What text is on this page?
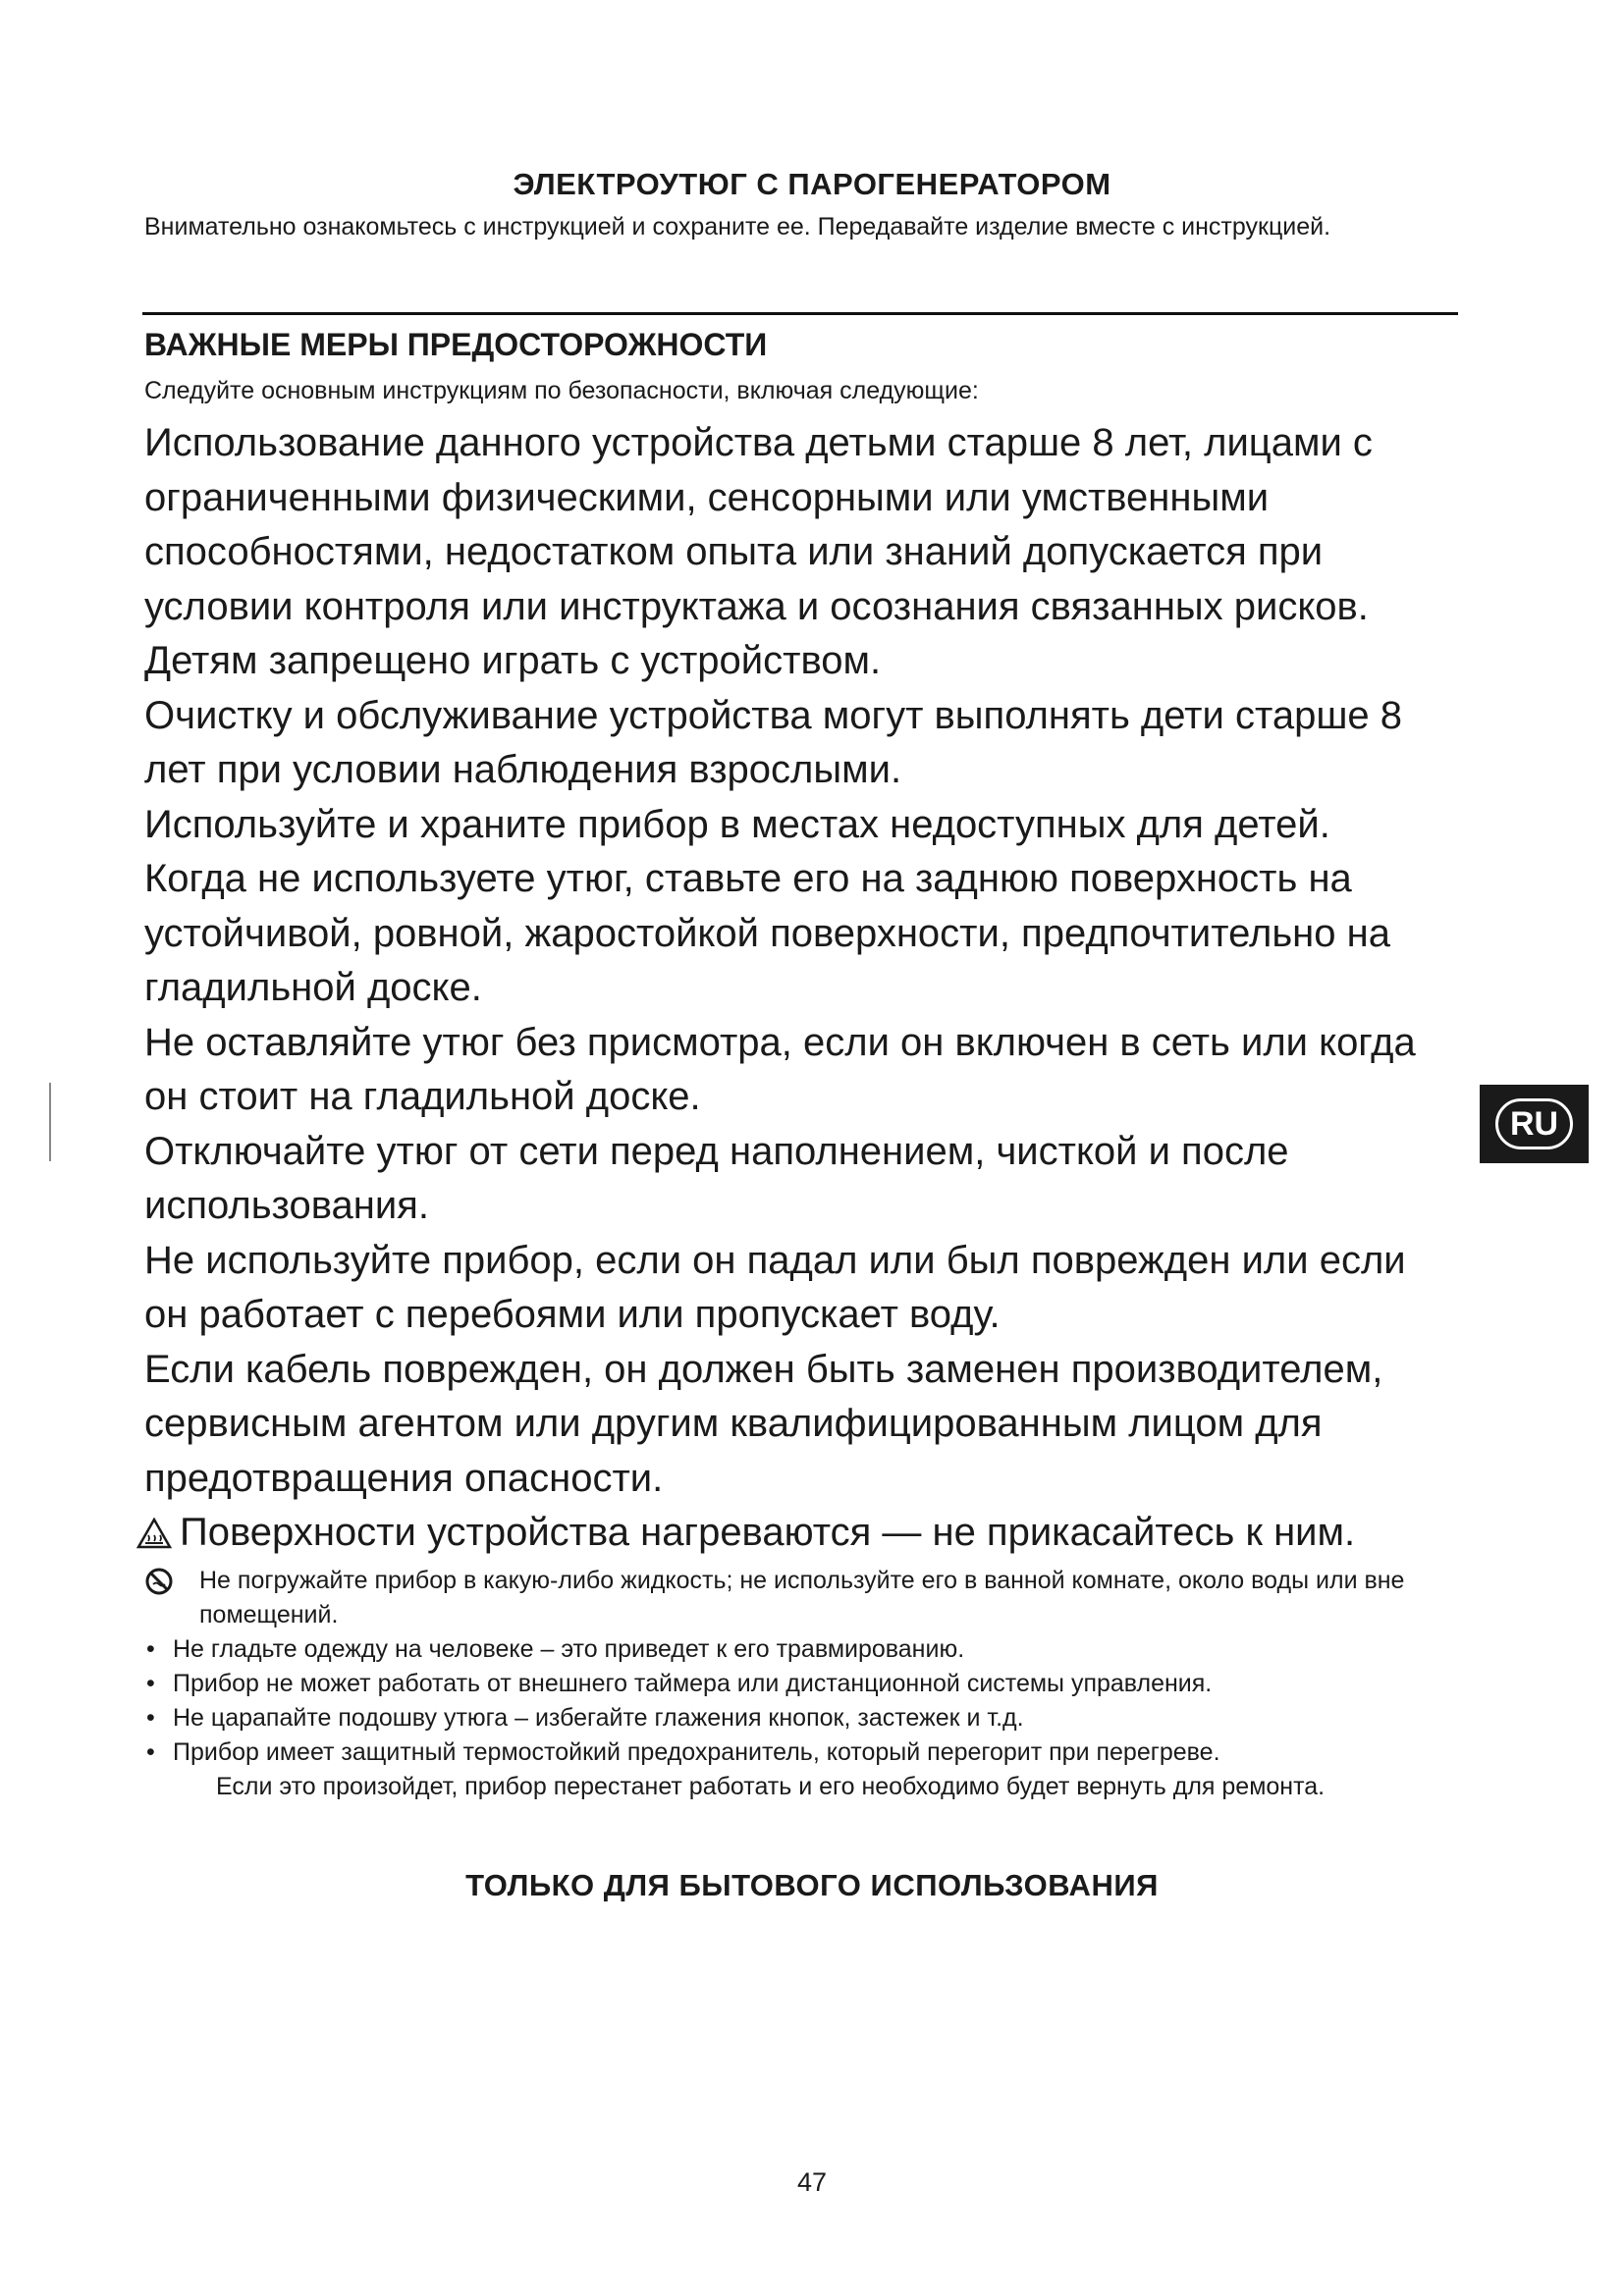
ЭЛЕКТРОУТЮГ С ПАРОГЕНЕРАТОРОМ
Внимательно ознакомьтесь с инструкцией и сохраните ее. Передавайте изделие вместе с инструкцией.
ВАЖНЫЕ МЕРЫ ПРЕДОСТОРОЖНОСТИ
Следуйте основным инструкциям по безопасности, включая следующие:

Использование данного устройства детьми старше 8 лет, лицами с ограниченными физическими, сенсорными или умственными способностями, недостатком опыта или знаний допускается при условии контроля или инструктажа и осознания связанных рисков.

Детям запрещено играть с устройством.

Очистку и обслуживание устройства могут выполнять дети старше 8 лет при условии наблюдения взрослыми.

Используйте и храните прибор в местах недоступных для детей.

Когда не используете утюг, ставьте его на заднюю поверхность на устойчивой, ровной, жаростойкой поверхности, предпочтительно на гладильной доске.

Не оставляйте утюг без присмотра, если он включен в сеть или когда он стоит на гладильной доске.

Отключайте утюг от сети перед наполнением, чисткой и после использования.

Не используйте прибор, если он падал или был поврежден или если он работает с перебоями или пропускает воду.

Если кабель поврежден, он должен быть заменен производителем, сервисным агентом или другим квалифицированным лицом для предотвращения опасности.

Поверхности устройства нагреваются — не прикасайтесь к ним.

Не погружайте прибор в какую-либо жидкость; не используйте его в ванной комнате, около воды или вне помещений.
• Не гладьте одежду на человеке – это приведет к его травмированию.
• Прибор не может работать от внешнего таймера или дистанционной системы управления.
• Не царапайте подошву утюга – избегайте глажения кнопок, застежек и т.д.
• Прибор имеет защитный термостойкий предохранитель, который перегорит при перегреве.
Если это произойдет, прибор перестанет работать и его необходимо будет вернуть для ремонта.
ТОЛЬКО ДЛЯ БЫТОВОГО ИСПОЛЬЗОВАНИЯ
47
RU
